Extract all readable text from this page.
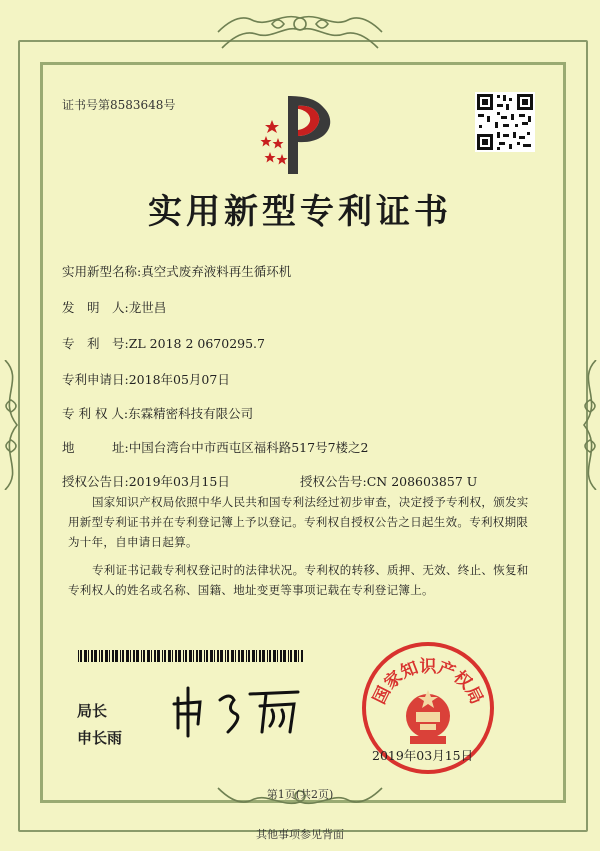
证书号第8583648号
实用新型专利证书
实用新型名称:真空式废弃液料再生循环机
发　明　人:龙世昌
专　利　号:ZL 2018 2 0670295.7
专利申请日:2018年05月07日
专 利 权 人:东霖精密科技有限公司
地　　　址:中国台湾台中市西屯区福科路517号7楼之2
授权公告日:2019年03月15日	授权公告号:CN 208603857 U

国家知识产权局依照中华人民共和国专利法经过初步审查，决定授予专利权，颁发实用新型专利证书并在专利登记簿上予以登记。专利权自授权公告之日起生效。专利权期限为十年，自申请日起算。

专利证书记载专利权登记时的法律状况。专利权的转移、质押、无效、终止、恢复和专利权人的姓名或名称、国籍、地址变更等事项记载在专利登记簿上。

局长
申长雨
国家知识产权局
2019年03月15日
第1页(共2页)
其他事项参见背面
